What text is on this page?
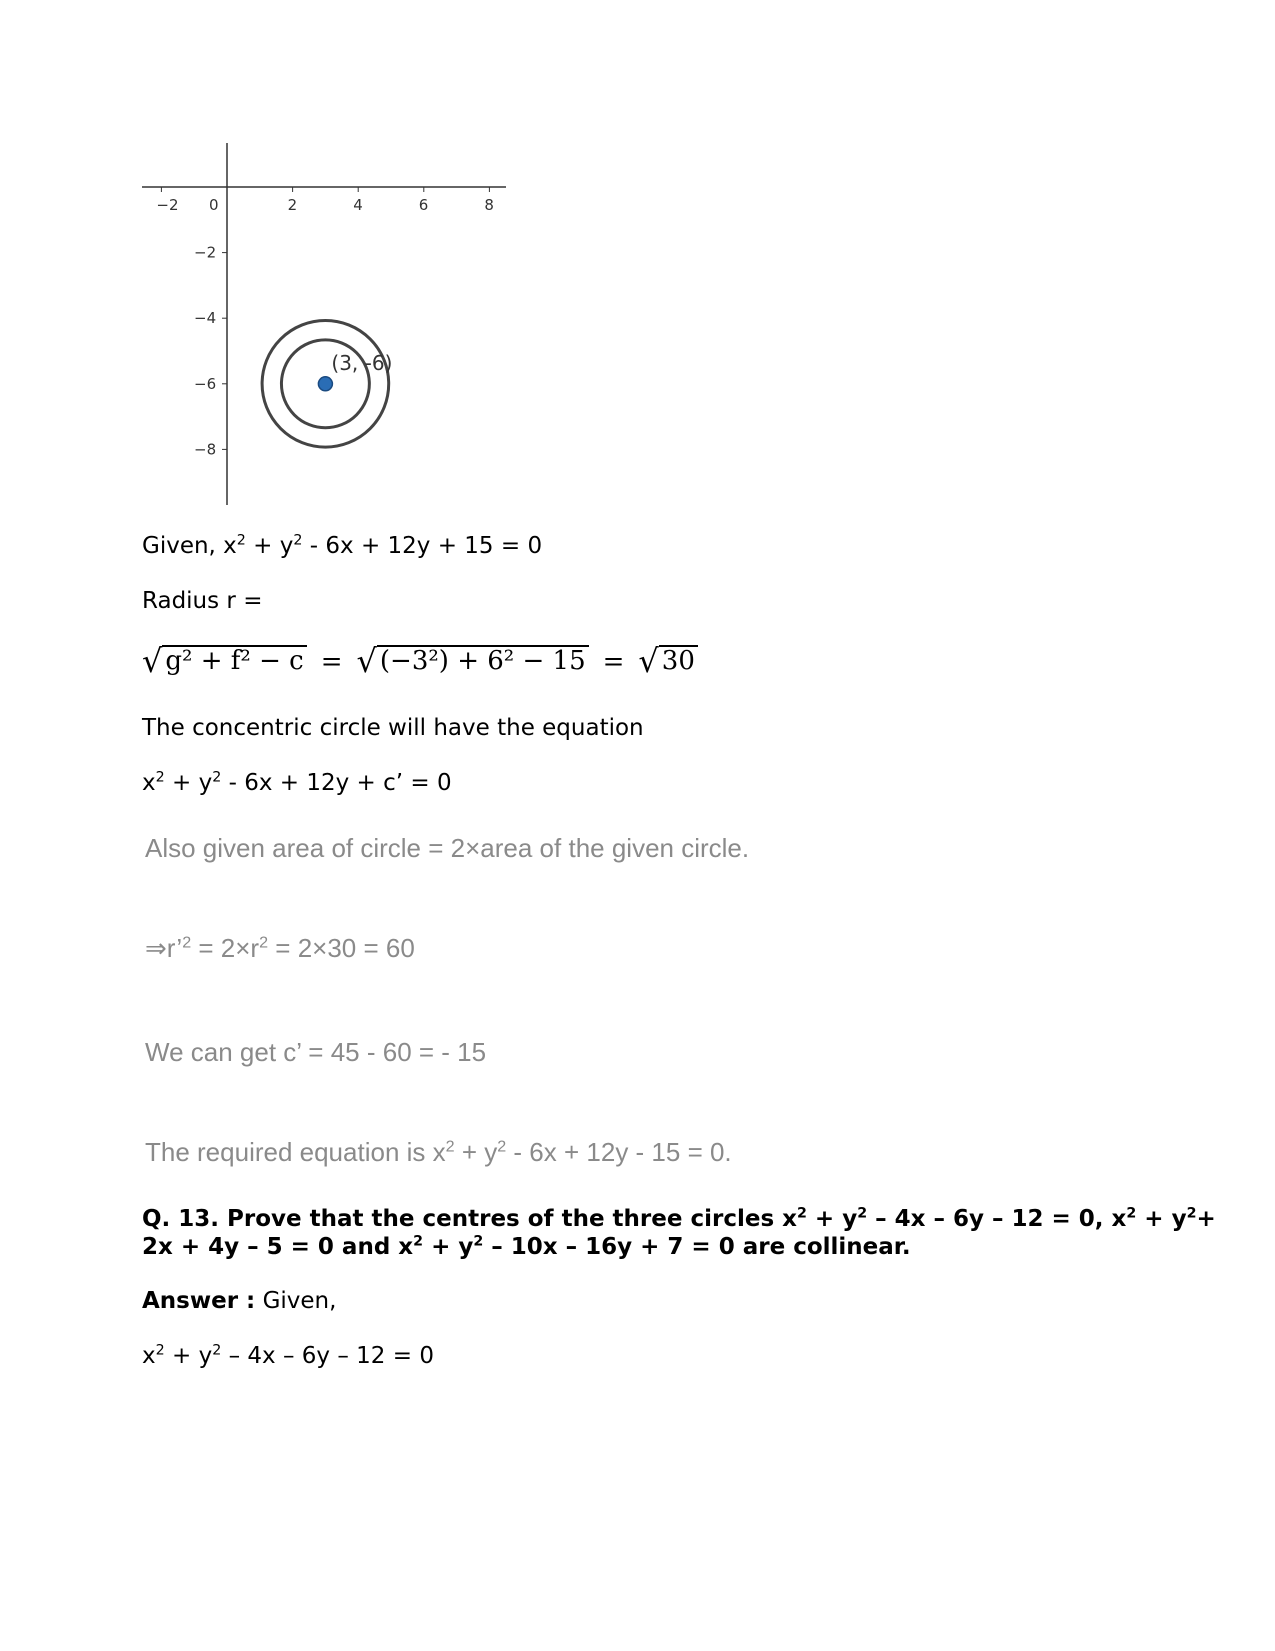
−2 0	2	4	6	8
−2
−4
−6
−8
(3, -6)
Given, $x^2 + y^2 - 6x + 12y + 15 = 0$
Radius r =
√ g² + f² − c = √ (−3²) + 6² − 15 = √ 30
The concentric circle will have the equation
$x^2 + y^2 - 6x + 12y + c$’ = 0
Also given area of circle = 2×area of the given circle.
⇒r’$^2$ = $2\times r^2 = 2\times 30 = 60$
We can get c’ = 45 - 60 = - 15
The required equation is $x^2 + y^2 - 6x + 12y - 15 = 0$.
Q. 13. Prove that the centres of the three circles $x^2 + y^2 - 4x - 6y - 12 = 0$, $x^2 + y^2+$
2x + 4y – 5 = 0 and $x^2 + y^2 - 10x - 16y + 7 = 0$ are collinear.
Answer : Given,
$x^2 + y^2 - 4x - 6y - 12 = 0$
